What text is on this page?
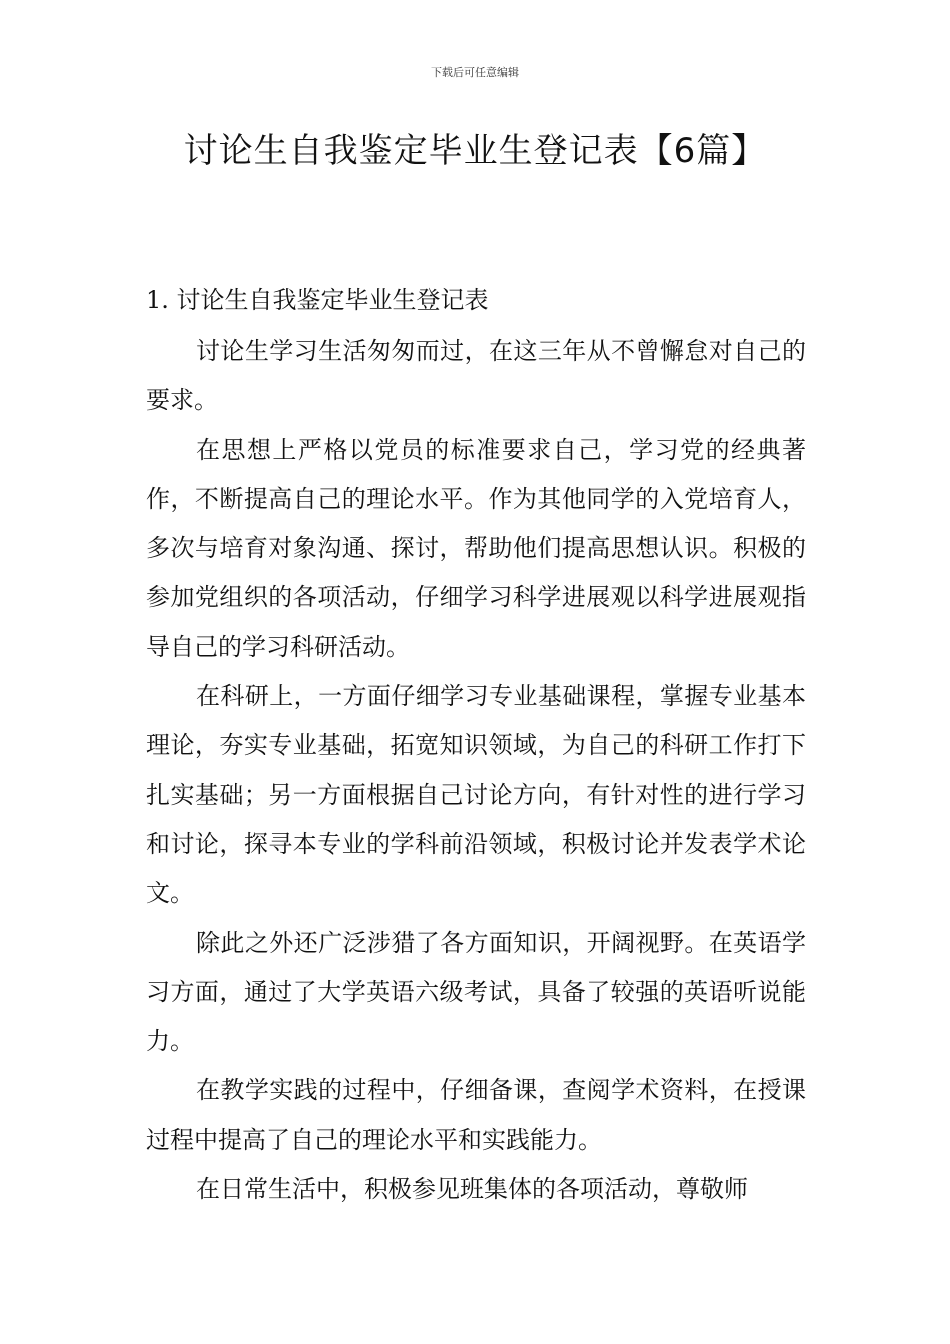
下载后可任意编辑
讨论生自我鉴定毕业生登记表【6篇】
1. 讨论生自我鉴定毕业生登记表

讨论生学习生活匆匆而过，在这三年从不曾懈怠对自己的要求。

在思想上严格以党员的标准要求自己，学习党的经典著作，不断提高自己的理论水平。作为其他同学的入党培育人，多次与培育对象沟通、探讨，帮助他们提高思想认识。积极的参加党组织的各项活动，仔细学习科学进展观以科学进展观指导自己的学习科研活动。

在科研上，一方面仔细学习专业基础课程，掌握专业基本理论，夯实专业基础，拓宽知识领域，为自己的科研工作打下扎实基础；另一方面根据自己讨论方向，有针对性的进行学习和讨论，探寻本专业的学科前沿领域，积极讨论并发表学术论文。

除此之外还广泛涉猎了各方面知识，开阔视野。在英语学习方面，通过了大学英语六级考试，具备了较强的英语听说能力。

在教学实践的过程中，仔细备课，查阅学术资料，在授课过程中提高了自己的理论水平和实践能力。

在日常生活中，积极参见班集体的各项活动，尊敬师
